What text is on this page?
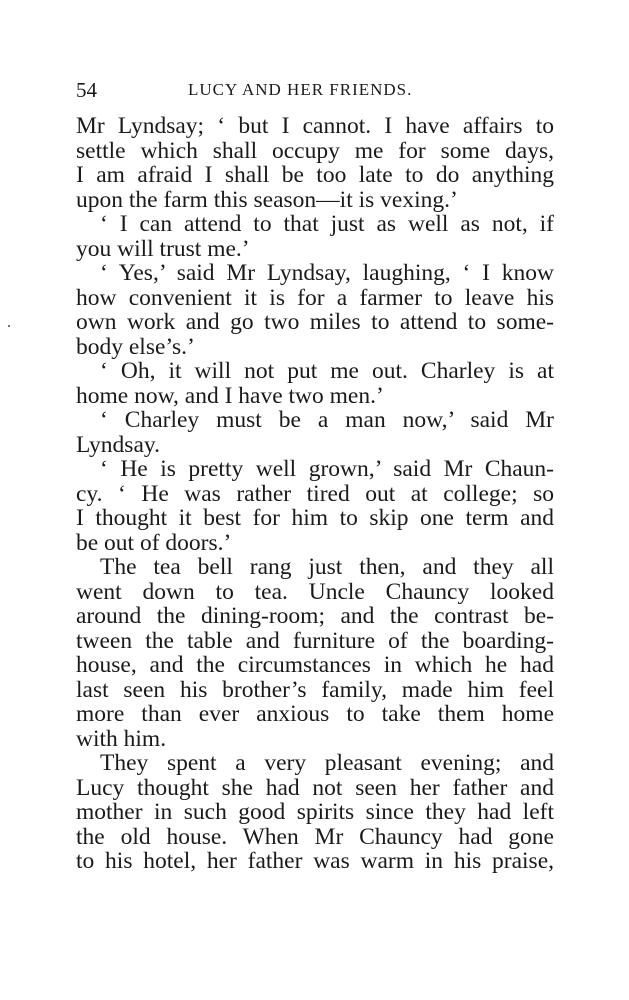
54	LUCY AND HER FRIENDS.
Mr Lyndsay; ‘ but I cannot. I have affairs to
settle which shall occupy me for some days,
I am afraid I shall be too late to do anything
upon the farm this season—it is vexing.’
‘ I can attend to that just as well as not, if
you will trust me.’
‘ Yes,’ said Mr Lyndsay, laughing, ‘ I know
how convenient it is for a farmer to leave his
own work and go two miles to attend to some-
body else’s.’
‘ Oh, it will not put me out. Charley is at
home now, and I have two men.’
‘ Charley must be a man now,’ said Mr
Lyndsay.
‘ He is pretty well grown,’ said Mr Chaun-
cy. ‘ He was rather tired out at college; so
I thought it best for him to skip one term and
be out of doors.’
The tea bell rang just then, and they all
went down to tea. Uncle Chauncy looked
around the dining-room; and the contrast be-
tween the table and furniture of the boarding-
house, and the circumstances in which he had
last seen his brother’s family, made him feel
more than ever anxious to take them home
with him.
They spent a very pleasant evening; and
Lucy thought she had not seen her father and
mother in such good spirits since they had left
the old house. When Mr Chauncy had gone
to his hotel, her father was warm in his praise,
